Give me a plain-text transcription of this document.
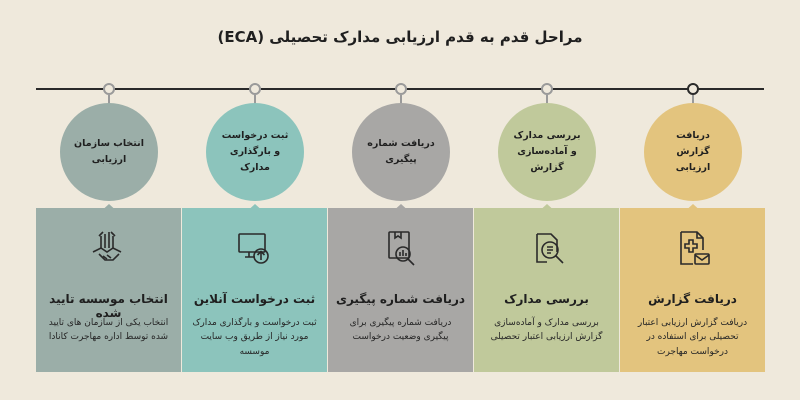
مراحل قدم به قدم ارزیابی مدارک تحصیلی (ECA)
دریافت گزارش ارزیابی
دریافت گزارش
دریافت گزارش ارزیابی اعتبار تحصیلی برای استفاده در درخواست مهاجرت
بررسی مدارک و آماده‌سازی گزارش
بررسی مدارک
بررسی مدارک و آماده‌سازی گزارش ارزیابی اعتبار تحصیلی
دریافت شماره پیگیری
دریافت شماره پیگیری
دریافت شماره پیگیری برای پیگیری وضعیت درخواست
ثبت درخواست و بارگذاری مدارک
ثبت درخواست آنلاین
ثبت درخواست و بارگذاری مدارک مورد نیاز از طریق وب سایت موسسه
انتخاب سازمان ارزیابی
انتخاب موسسه تایید شده
انتخاب یکی از سازمان های تایید شده توسط اداره مهاجرت کانادا
